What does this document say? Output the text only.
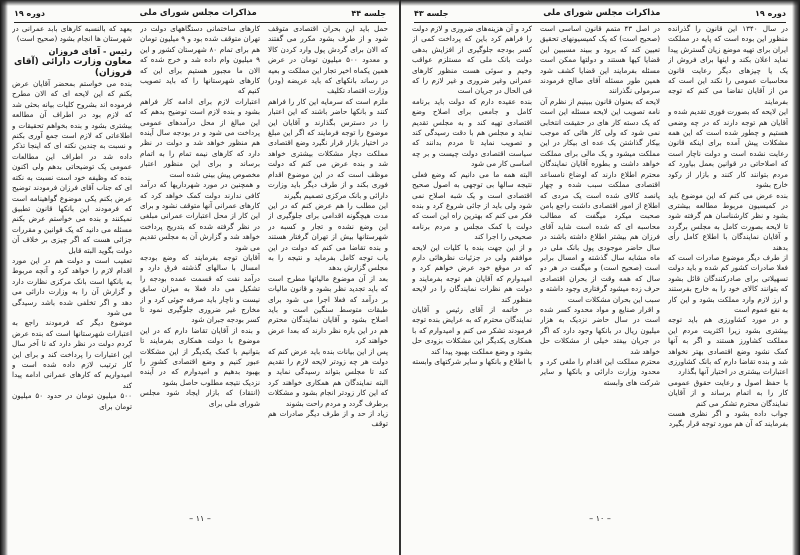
جلسه ۴۴
مذاکرات مجلس شورای ملی
دوره ۱۹

حمل باید این بحران اقتصادی متوقف شود و از طرف بشود مکرر می گفتند که الان برای گردش پول وارد کردن کالا و معدود ۵۰۰ میلیون تومان در عرض همین یکماه اخیر تجار این مملکت و بعیه در رساند بانکهای که باید عریضه (ودر) وزارت اقتصاد تکلیف

ملزم است که سرمایه این کار را فراهم کنند و بانکها حاضر باشند که این اعتبار را در دسترس بگذارند و آقایان این موضوع را توجه فرمایند که اگر این مبلغ در اختیار بازار قرار نگیرد وضع اقتصادی مملکت دچار مشکلات بیشتری خواهد شد و بنده عرض می کنم که دولت موظف است که در این موضوع اقدام فوری بکند و از طرف دیگر باید وزارت دارائی و بانک مرکزی تصمیم بگیرند

این مطلب را هم عرض کنم که در این مدت هیچگونه اقدامی برای جلوگیری از این وضع نشده و تجار و کسبه در شهرستانها بیش از تهران گرفتار هستند و بنده تقاضا می کنم که دولت در این باب توجه کامل بفرماید و نتیجه را به مجلس گزارش بدهد

بعد از آن موضوع مالیاتها مطرح است که باید تجدید نظر بشود و قانون مالیات بر درآمد که فعلا اجرا می شود برای طبقات متوسط سنگین است و باید اصلاح بشود و آقایان نمایندگان محترم هم در این باره نظر دارند که بعدا عرض خواهند کرد

پس از این بیانات بنده باید عرض کنم که دولت هر چه زودتر لایحه لازم را تقدیم کند تا مجلس بتواند رسیدگی نماید و البته نمایندگان هم همکاری خواهند کرد که این کار زودتر انجام بشود و مشکلات برطرف گردد و مردم راحت بشوند

زیاد از حد و از طرف دیگر صادرات هم توقف

کارهای ساختمانی دستگاههای دولت در تهران متوقف شده بود و ۹ میلیون تومان هم برای تمام ۸۰ شهرستان کشور و این ۹ میلیون وام داده شد و خرج شده که الان ما مجبور هستیم برای این که کارهای شهرستانها را که باید تصویب کنیم که

اعتبارات لازم برای ادامه کار فراهم بشود و بنده لازم است توضیح بدهم که این مبالغ از محل درآمدهای عمومی پرداخت می شود و در بودجه سال آینده هم منظور خواهد شد و دولت در نظر دارد که کارهای نیمه تمام را به اتمام برساند و برای این منظور اعتبار مخصوص پیش بینی شده است

و همچنین در مورد شهرداریها که درآمد کافی ندارند دولت کمک خواهد کرد که کارهای عمرانی آنها متوقف نشود و برای این کار از محل اعتبارات عمرانی مبلغی در نظر گرفته شده که بتدریج پرداخت خواهد شد و گزارش آن به مجلس تقدیم می شود

آقایان توجه بفرمایند که وضع بودجه امسال با سالهای گذشته فرق دارد و درآمد نفت که قسمت عمده بودجه را تشکیل می داد فعلا به میزان سابق نیست و ناچار باید صرفه جوئی کرد و از مخارج غیر ضروری جلوگیری نمود تا کسر بودجه جبران شود

و بنده از آقایان تقاضا دارم که در این موضوع با دولت همکاری بفرمایند تا بتوانیم با کمک یکدیگر از این مشکلات عبور کنیم و وضع اقتصادی کشور را بهبود بدهیم و امیدوارم که در آینده نزدیک نتیجه مطلوب حاصل بشود

(انتقاد) که بازار ایجاد شود مجلس شورای ملی برای

بعهد که بالنسبه کارهای بابد عمرانی در شهرستان ها انجام بشود (صحیح است)

رئیس - آقای فروزان

معاون وزارت دارائی (آقای فروزان)

بنده می خواستم بمحضر آقایان عرض بکنم که این لایحه ای که الان مطرح فرموده اند بشروح کلیات بیانه بحثی شد که لازم بود در اطراف آن مطالعه بیشتری بشود و بنده بخواهم تحقیقات و اطلاعاتی که لازم است جمع آوری بکنم و نسبت به چندین نکته ای که اینجا تذکر داده شد در اطراف این مطالعات عمومی یک توضیحاتی بدهم ولی اکنون بنده که وظیفه خود است نسبت به نکته ای که جناب آقای فرزان فرمودند توضیح عرض بکنم یکی موضوع گواهینامه است که فرمودند این بانکها قانون تطبیق نمیکنند و بنده می خواستم عرض بکنم مسئله می دانید که یک قوانین و مقررات جزائی هست که اگر چیزی بر خلاف آن دولت بگوید البته قابل

تعقیب است و دولت هم در این مورد اقدام لازم را خواهد کرد و آنچه مربوط به بانکها است بانک مرکزی نظارت دارد و گزارش آن را به وزارت دارائی می دهد و اگر تخلفی شده باشد رسیدگی می شود

موضوع دیگر که فرمودند راجع به اعتبارات شهرستانها است که بنده عرض کردم دولت در نظر دارد که تا آخر سال این اعتبارات را پرداخت کند و برای این کار ترتیب لازم داده شده است و امیدواریم که کارهای عمرانی ادامه پیدا کند

۵۰۰ میلیون تومان در حدود ۵۰ میلیون تومان برای

– ۱۱ –
دوره ۱۹
مذاکرات مجلس شورای ملی
جلسه ۴۳

در سال ۱۳۴۰ این قانون را گذرانده منظور این بوده است که پایه در مملکت ایران برای تهیه موضع زیان گسترش پیدا نماید اعلان بکند و اینها برای فروش از یک یا چیزهای دیگر رعایت قانون محاسبات عمومی را نکند این است که من از آقایان تقاضا می کنم که توجه بفرمایند

این لایحه که بصورت فوری تقدیم شده و آقایان هم توجه دارند که در چه وضعی هستیم و چطور شده است که این همه مشکلات پیش آمده برای اینکه قانون رعایت نشده است و دولت ناچار است که اصلاحاتی در قوانین بعمل بیاورد که مردم بتوانند کار کنند و بازار از رکود خارج بشود

بنده عرض می کنم که این موضوع باید در کمیسیون مربوط مطالعه بیشتری بشود و نظر کارشناسان هم گرفته شود تا لایحه بصورت کامل به مجلس برگردد و آقایان نمایندگان با اطلاع کامل رأی بدهند

از طرف دیگر موضوع صادرات است که فعلا صادرات کشور کم شده و باید دولت تسهیلاتی برای صادرکنندگان قائل بشود که بتوانند کالای خود را به خارج بفرستند و ارز لازم وارد مملکت بشود و این کار به نفع عموم است

و در مورد کشاورزی هم باید توجه بیشتری بشود زیرا اکثریت مردم این مملکت کشاورز هستند و اگر به آنها کمک نشود وضع اقتصادی بهتر نخواهد شد و بنده تقاضا دارم که بانک کشاورزی اعتبارات بیشتری در اختیار آنها بگذارد

با حفظ اصول و رعایت حقوق عمومی کار را به اتمام برساند و از آقایان نمایندگان محترم تشکر می کنم

جواب داده بشود و اگر نظری هست بفرمایند که آن هم مورد توجه قرار بگیرد

در اصل ۴۳ متمم قانون اساسی است (صحیح است) که یک کمیسیونهای تحقیق تعیین کند که برود و ببیند مسببین این قضایا کیها هستند و دولتها ممکن است مسئله بفرمایند این قضایا کشف شود همین طور مسئله آقای صالح فرمودند سرمولی نگذرانند

لایحه که بعنوان قانون ببینیم از نظرم آن نامه تصویب این لایحه مسئله این است که یک دسته کار های در حقیقت انتخابی نمی شود که ولی کار هائی که موجب بیکار گذاشتن یک عده ای بیکار در این مملکت میشود و یک مالی برای مملکت خواهد داشت و بطوره آقایان نمایندگان محترم اطلاع دارند که اوضاع نامساعد اقتصادی مملکت سبب شده و چهار پانصد کالای شده است یک مردی که اطلاع از امور اقتصادی داشت راجع بامن صحبت میکرد میگفت که مطالب محاسبه ای که شده است شاید آقای فرزان هم بیشتر اطلاع داشته باشند در سال حاضر موجودی پول بانک ملی در ماه مشابه سال گذشته و امسال برابر است (صحیح است) و میگفت در هر دو سال که همه وقت از بحران اقتصادی حرف زده میشود گرفتاری وجود داشته و سبب این بحران مشکلات است

و اقرار صنایع و مواد محدود کسر شده است در سال حاضر نزدیک به هزار میلیون ریال در بانکها وجود دارد که اگر در جریان بیفتد خیلی از مشکلات حل خواهد شد

محترم مملکت این اقدام را ملغی کرد و محدود وزارت دارائی و بانکها و سایر شرکت های وابسته

کرد و آن هزینه‌های ضروری و لازم دولت را فراهم کرد باین که پرداخت کمی از کسر بودجه جلوگیری از افزایش بدهی دولت بانک ملی که مستلزم عواقب وخیم و سوئی هست منظور کارهای عمرانی وغیر ضروری و غیر لازم را که فی الحال در جریان است

بنده عقیده دارم که دولت باید برنامه کامل و جامعی برای اصلاح وضع اقتصادی تهیه کند و به مجلس تقدیم نماید و مجلس هم با دقت رسیدگی کند و تصویب نماید تا مردم بدانند که سیاست اقتصادی دولت چیست و بر چه اساسی کار می شود

البته همه ما می دانیم که وضع فعلی نتیجه سالها بی توجهی به اصول صحیح اقتصادی است و یک شبه اصلاح نمی شود ولی باید از جائی شروع کرد و بنده فکر می کنم که بهترین راه این است که دولت با کمک مجلس و مردم برنامه صحیحی را اجرا کند

و از این جهت بنده با کلیات این لایحه موافقم ولی در جزئیات نظرهائی دارم که در موقع خود عرض خواهم کرد و امیدوارم که آقایان هم توجه بفرمایند و دولت هم نظرات نمایندگان را در لایحه منظور کند

در خاتمه از آقای رئیس و آقایان نمایندگان محترم که به عرایض بنده توجه فرمودند تشکر می کنم و امیدوارم که با همکاری یکدیگر این مشکلات بزودی حل بشود و وضع مملکت بهبود پیدا کند

با اطلاع و بانکها و سایر شرکتهای وابسته

– ۱۰ –
